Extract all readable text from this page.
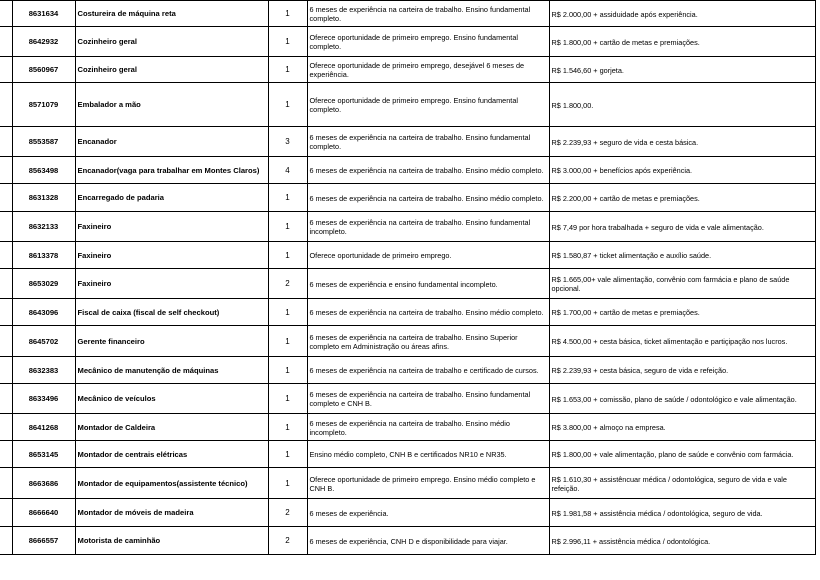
	8631634	Costureira de máquina reta	1	6 meses de experiência na carteira de trabalho. Ensino fundamental completo.	R$ 2.000,00 + assiduidade após experiência.
	8642932	Cozinheiro geral	1	Oferece oportunidade de primeiro emprego. Ensino fundamental completo.	R$ 1.800,00 + cartão de metas e premiações.
	8560967	Cozinheiro geral	1	Oferece oportunidade de primeiro emprego, desejável 6 meses de experiência.	R$ 1.546,60 + gorjeta.
	8571079	Embalador a mão	1	Oferece oportunidade de primeiro emprego. Ensino fundamental completo.	R$ 1.800,00.
	8553587	Encanador	3	6 meses de experiência na carteira de trabalho. Ensino fundamental completo.	R$ 2.239,93 + seguro de vida e cesta básica.
	8563498	Encanador(vaga para trabalhar em Montes Claros)	4	6 meses de experiência na carteira de trabalho. Ensino médio completo.	R$ 3.000,00 + benefícios após experiência.
	8631328	Encarregado de padaria	1	6 meses de experiência na carteira de trabalho. Ensino médio completo.	R$ 2.200,00 + cartão de metas e premiações.
	8632133	Faxineiro	1	6 meses de experiência na carteira de trabalho. Ensino fundamental incompleto.	R$ 7,49 por hora trabalhada + seguro de vida e vale alimentação.
	8613378	Faxineiro	1	Oferece oportunidade de primeiro emprego.	R$ 1.580,87 + ticket alimentação e auxílio saúde.
	8653029	Faxineiro	2	6 meses de experiência e ensino fundamental incompleto.	R$ 1.665,00+ vale alimentação, convênio com farmácia e plano de saúde opcional.
	8643096	Fiscal de caixa (fiscal de self checkout)	1	6 meses de experiência na carteira de trabalho. Ensino médio completo.	R$ 1.700,00 + cartão de metas e premiações.
	8645702	Gerente financeiro	1	6 meses de experiência na carteira de trabalho. Ensino Superior completo em Administração ou áreas afins.	R$ 4.500,00 + cesta básica, ticket alimentação e partiçipação nos lucros.
	8632383	Mecânico de manutenção de máquinas	1	6 meses de experiência na carteira de trabalho e certificado de cursos.	R$ 2.239,93 + cesta básica, seguro de vida e refeição.
	8633496	Mecânico de veículos	1	6 meses de experiência na carteira de trabalho. Ensino fundamental completo e CNH B.	R$ 1.653,00 + comissão, plano de saúde / odontológico e vale alimentação.
	8641268	Montador de Caldeira	1	6 meses de experiência na carteira de trabalho. Ensino médio incompleto.	R$ 3.800,00 + almoço na empresa.
	8653145	Montador de centrais elétricas	1	Ensino médio completo, CNH B e certificados NR10 e NR35.	R$ 1.800,00 + vale alimentação, plano de saúde e convênio com farmácia.
	8663686	Montador de equipamentos(assistente técnico)	1	Oferece oportunidade de primeiro emprego. Ensino médio completo e CNH B.	R$ 1.610,30 + assistêncuar médica / odontológica, seguro de vida e vale refeição.
	8666640	Montador de móveis de madeira	2	6 meses de experiência.	R$ 1.981,58 + assistência médica / odontológica, seguro de vida.
	8666557	Motorista de caminhão	2	6 meses de experiência, CNH D e disponibilidade para viajar.	R$ 2.996,11 + assistência médica / odontológica.
